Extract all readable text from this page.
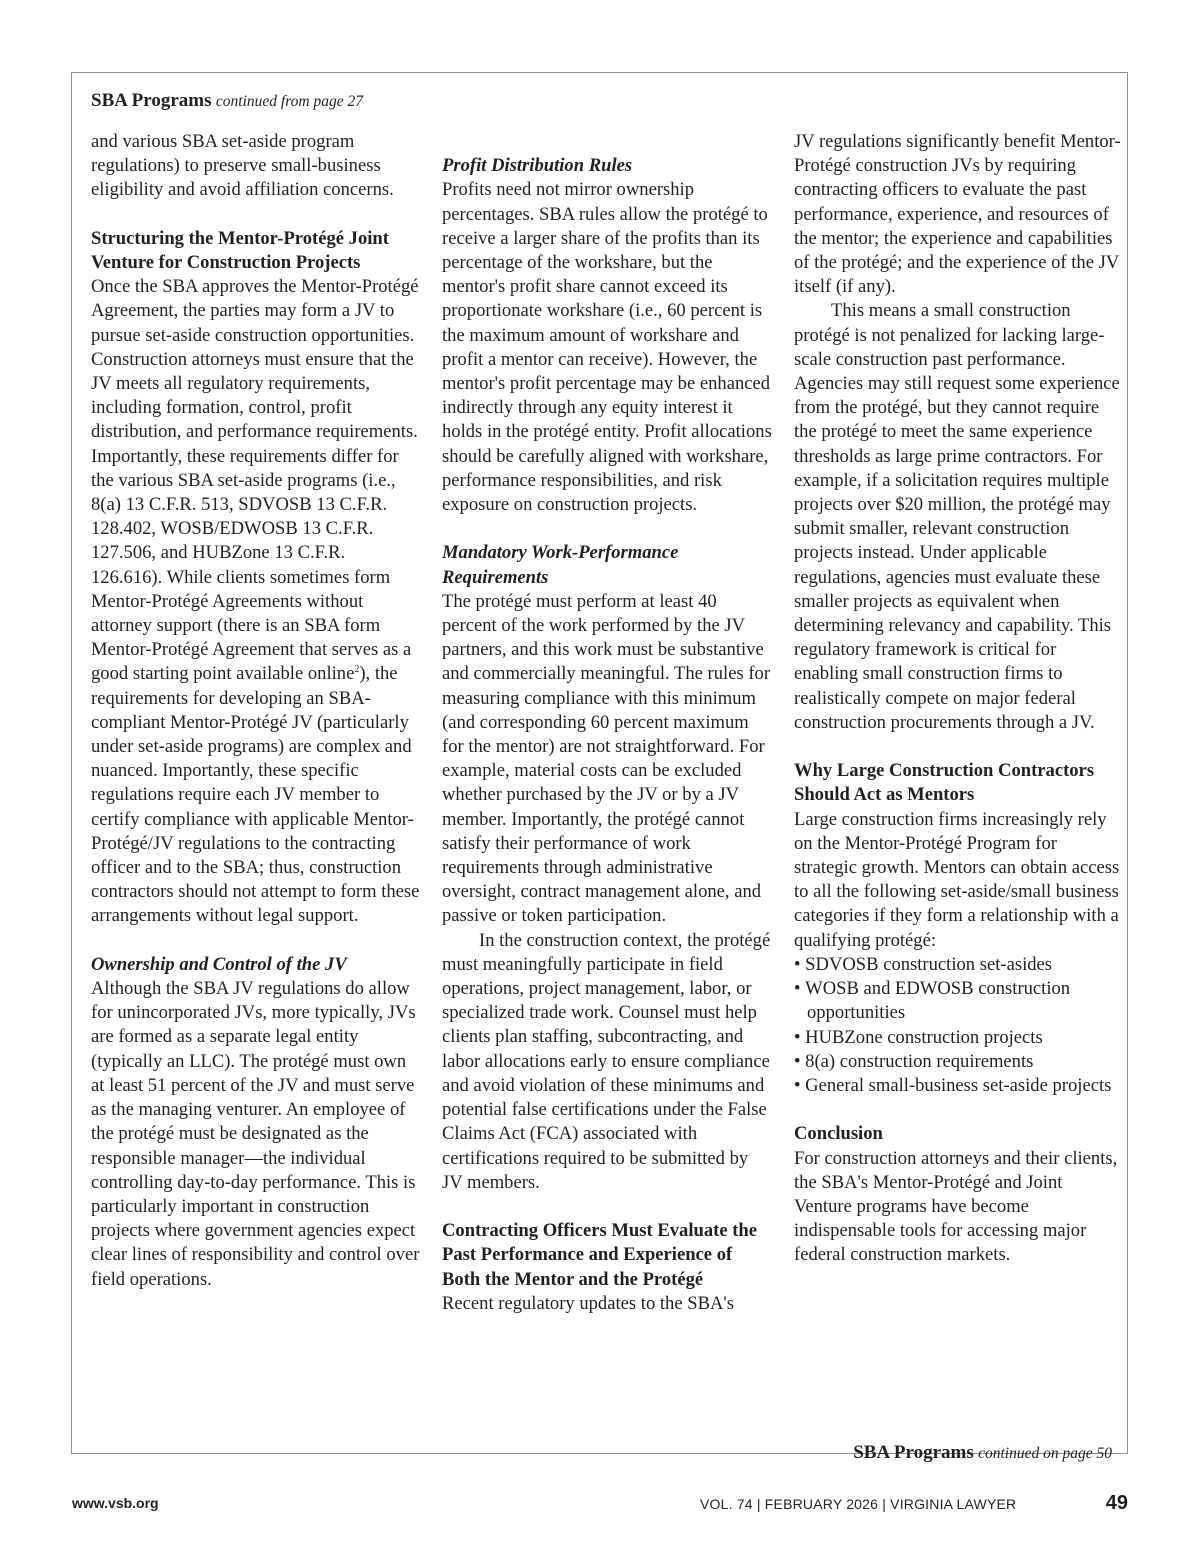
SBA Programs continued from page 27

and various SBA set-aside program regulations) to preserve small-business eligibility and avoid affiliation concerns.

Structuring the Mentor-Protégé Joint Venture for Construction Projects

Once the SBA approves the Mentor-Protégé Agreement, the parties may form a JV to pursue set-aside construction opportunities. Construction attorneys must ensure that the JV meets all regulatory requirements, including formation, control, profit distribution, and performance requirements. Importantly, these requirements differ for the various SBA set-aside programs (i.e., 8(a) 13 C.F.R. 513, SDVOSB 13 C.F.R. 128.402, WOSB/EDWOSB 13 C.F.R. 127.506, and HUBZone 13 C.F.R. 126.616). While clients sometimes form Mentor-Protégé Agreements without attorney support (there is an SBA form Mentor-Protégé Agreement that serves as a good starting point available online$^2$), the requirements for developing an SBA-compliant Mentor-Protégé JV (particularly under set-aside programs) are complex and nuanced. Importantly, these specific regulations require each JV member to certify compliance with applicable Mentor-Protégé/JV regulations to the contracting officer and to the SBA; thus, construction contractors should not attempt to form these arrangements without legal support.

Ownership and Control of the JV

Although the SBA JV regulations do allow for unincorporated JVs, more typically, JVs are formed as a separate legal entity (typically an LLC). The protégé must own at least 51 percent of the JV and must serve as the managing venturer. An employee of the protégé must be designated as the responsible manager—the individual controlling day-to-day performance. This is particularly important in construction projects where government agencies expect clear lines of responsibility and control over field operations.

Profit Distribution Rules

Profits need not mirror ownership percentages. SBA rules allow the protégé to receive a larger share of the profits than its percentage of the workshare, but the mentor's profit share cannot exceed its proportionate workshare (i.e., 60 percent is the maximum amount of workshare and profit a mentor can receive). However, the mentor's profit percentage may be enhanced indirectly through any equity interest it holds in the protégé entity. Profit allocations should be carefully aligned with workshare, performance responsibilities, and risk exposure on construction projects.

Mandatory Work-Performance Requirements

The protégé must perform at least 40 percent of the work performed by the JV partners, and this work must be substantive and commercially meaningful. The rules for measuring compliance with this minimum (and corresponding 60 percent maximum for the mentor) are not straightforward. For example, material costs can be excluded whether purchased by the JV or by a JV member. Importantly, the protégé cannot satisfy their performance of work requirements through administrative oversight, contract management alone, and passive or token participation.

In the construction context, the protégé must meaningfully participate in field operations, project management, labor, or specialized trade work. Counsel must help clients plan staffing, subcontracting, and labor allocations early to ensure compliance and avoid violation of these minimums and potential false certifications under the False Claims Act (FCA) associated with certifications required to be submitted by JV members.

Contracting Officers Must Evaluate the Past Performance and Experience of Both the Mentor and the Protégé

Recent regulatory updates to the SBA's

JV regulations significantly benefit Mentor-Protégé construction JVs by requiring contracting officers to evaluate the past performance, experience, and resources of the mentor; the experience and capabilities of the protégé; and the experience of the JV itself (if any).

This means a small construction protégé is not penalized for lacking large-scale construction past performance. Agencies may still request some experience from the protégé, but they cannot require the protégé to meet the same experience thresholds as large prime contractors. For example, if a solicitation requires multiple projects over $20 million, the protégé may submit smaller, relevant construction projects instead. Under applicable regulations, agencies must evaluate these smaller projects as equivalent when determining relevancy and capability. This regulatory framework is critical for enabling small construction firms to realistically compete on major federal construction procurements through a JV.

Why Large Construction Contractors Should Act as Mentors

Large construction firms increasingly rely on the Mentor-Protégé Program for strategic growth. Mentors can obtain access to all the following set-aside/small business categories if they form a relationship with a qualifying protégé:

• SDVOSB construction set-asides

• WOSB and EDWOSB construction opportunities

• HUBZone construction projects

• 8(a) construction requirements

• General small-business set-aside projects

Conclusion

For construction attorneys and their clients, the SBA's Mentor-Protégé and Joint Venture programs have become indispensable tools for accessing major federal construction markets.

SBA Programs continued on page 50
www.vsb.org	VOL. 74 | FEBRUARY 2026 | VIRGINIA LAWYER	49
